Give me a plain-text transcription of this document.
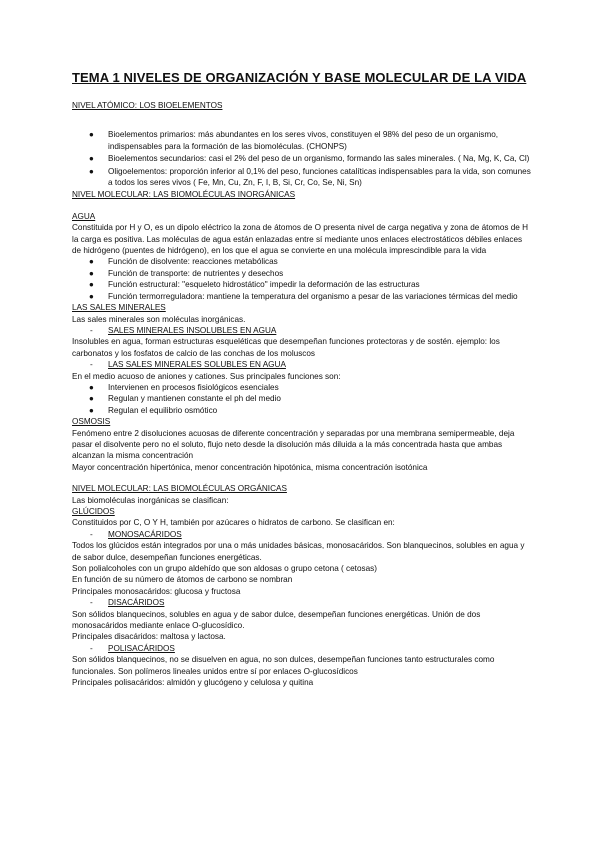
TEMA 1 NIVELES DE ORGANIZACIÓN Y BASE MOLECULAR DE LA VIDA

NIVEL ATÓMICO: LOS BIOELEMENTOS

● Bioelementos primarios: más abundantes en los seres vivos, constituyen el 98% del peso de un organismo, indispensables para la formación de las biomoléculas. (CHONPS)
● Bioelementos secundarios: casi el 2% del peso de un organismo, formando las sales minerales. ( Na, Mg, K, Ca, Cl)
● Oligoelementos: proporción inferior al 0,1% del peso, funciones catalíticas indispensables para la vida, son comunes a todos los seres vivos ( Fe, Mn, Cu, Zn, F, I, B, Si, Cr, Co, Se, Ni, Sn)

NIVEL MOLECULAR: LAS BIOMOLÉCULAS INORGÁNICAS

AGUA

Constituida por H y O, es un dipolo eléctrico la zona de átomos de O presenta nivel de carga negativa y zona de átomos de H la carga es positiva. Las moléculas de agua están enlazadas entre sí mediante unos enlaces electrostáticos débiles enlaces de hidrógeno (puentes de hidrógeno), en los que el agua se convierte en una molécula imprescindible para la vida

● Función de disolvente: reacciones metabólicas
● Función de transporte: de nutrientes y desechos
● Función estructural: "esqueleto hidrostático" impedir la deformación de las estructuras
● Función termorreguladora: mantiene la temperatura del organismo a pesar de las variaciones térmicas del medio

LAS SALES MINERALES

Las sales minerales son moléculas inorgánicas.

- SALES MINERALES INSOLUBLES EN AGUA

Insolubles en agua, forman estructuras esqueléticas que desempeñan funciones protectoras y de sostén. ejemplo: los carbonatos y los fosfatos de calcio de las conchas de los moluscos

- LAS SALES MINERALES SOLUBLES EN AGUA

En el medio acuoso de aniones y cationes. Sus principales funciones son:

● Intervienen en procesos fisiológicos esenciales
● Regulan y mantienen constante el ph del medio
● Regulan el equilibrio osmótico

OSMOSIS

Fenómeno entre 2 disoluciones acuosas de diferente concentración y separadas por una membrana semipermeable, deja pasar el disolvente pero no el soluto, flujo neto desde la disolución más diluida a la más concentrada hasta que ambas alcanzan la misma concentración

Mayor concentración hipertónica, menor concentración hipotónica, misma concentración isotónica

NIVEL MOLECULAR: LAS BIOMOLÉCULAS ORGÁNICAS

Las biomoléculas inorgánicas se clasifican:

GLÚCIDOS

Constituidos por C, O Y H, también por azúcares o hidratos de carbono. Se clasifican en:

- MONOSACÁRIDOS

Todos los glúcidos están integrados por una o más unidades básicas, monosacáridos. Son blanquecinos, solubles en agua y de sabor dulce, desempeñan funciones energéticas.

Son polialcoholes con un grupo aldehído que son aldosas o grupo cetona ( cetosas)

En función de su número de átomos de carbono se nombran

Principales monosacáridos: glucosa y fructosa

- DISACÁRIDOS

Son sólidos blanquecinos, solubles en agua y de sabor dulce, desempeñan funciones energéticas. Unión de dos monosacáridos mediante enlace O-glucosídico.

Principales disacáridos: maltosa y lactosa.

- POLISACÁRIDOS

Son sólidos blanquecinos, no se disuelven en agua, no son dulces, desempeñan funciones tanto estructurales como funcionales. Son polímeros lineales unidos entre sí por enlaces O-glucosídicos

Principales polisacáridos: almidón y glucógeno y celulosa y quitina
